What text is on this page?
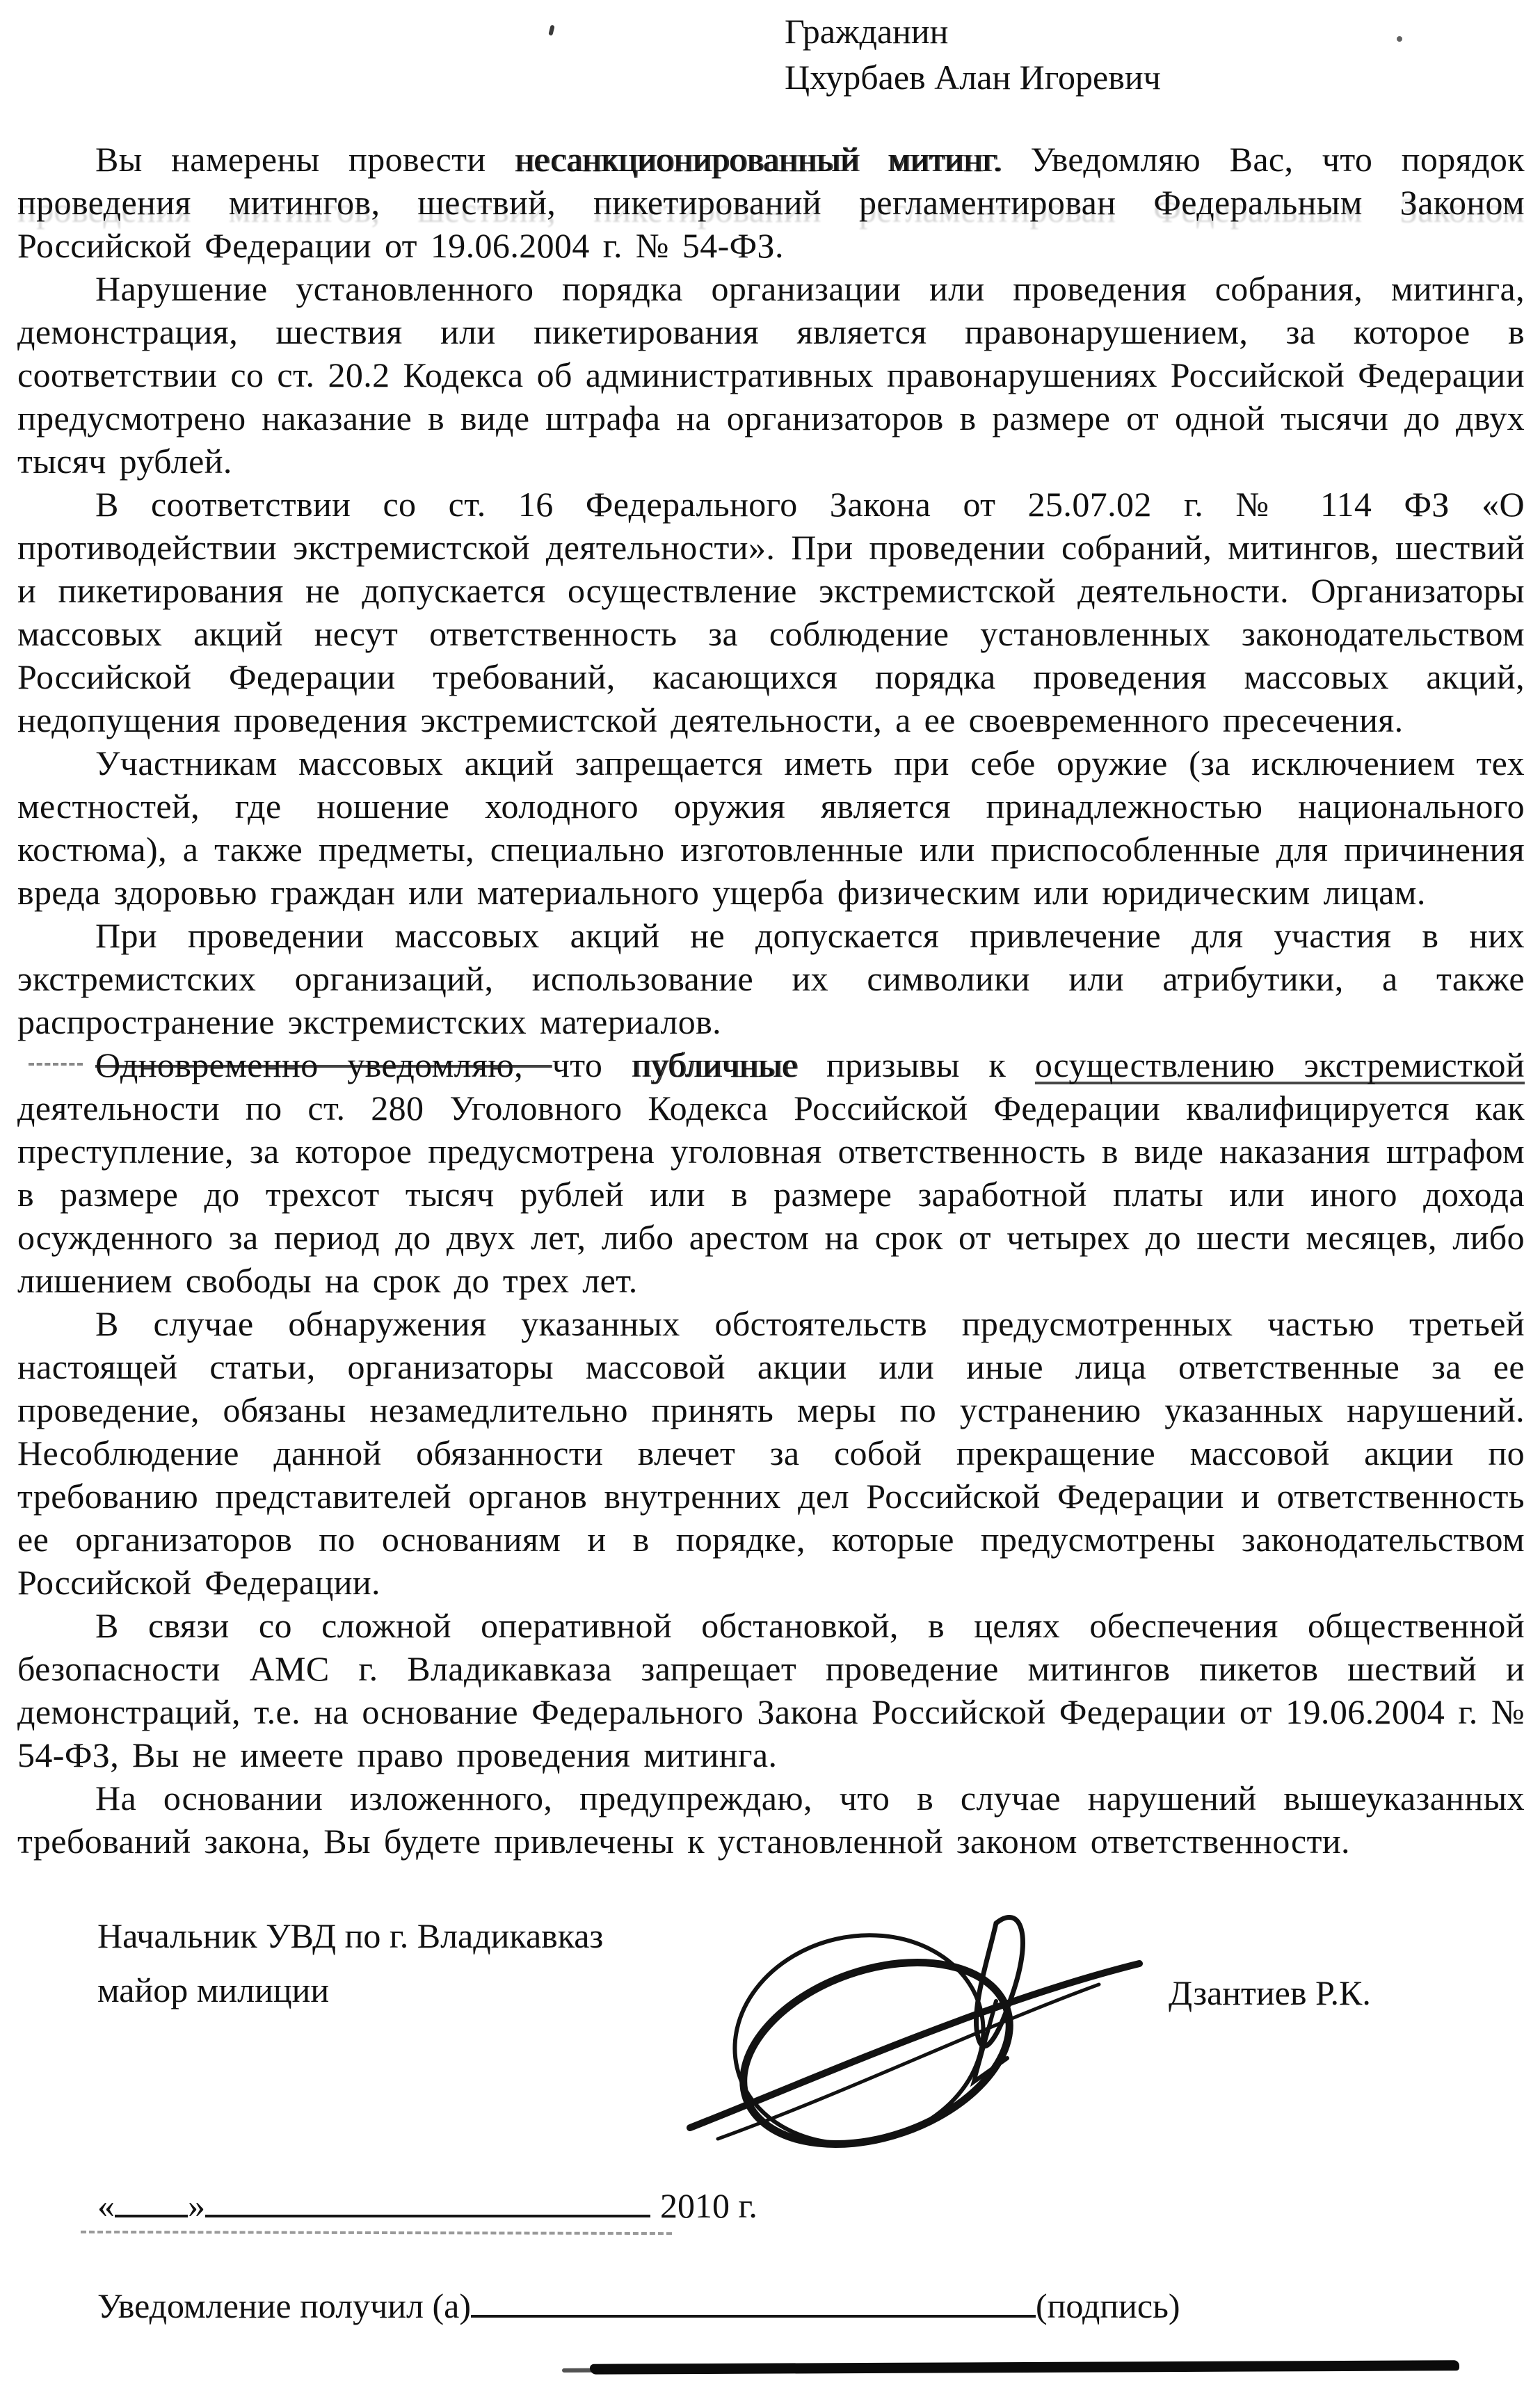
Гражданин
Цхурбаев Алан Игоревич

Вы намерены провести несанкционированный митинг. Уведомляю Вас, что порядок проведения митингов, шествий, пикетирований регламентирован Федеральным Законом Российской Федерации от 19.06.2004 г. № 54-ФЗ.

Нарушение установленного порядка организации или проведения собрания, митинга, демонстрация, шествия или пикетирования является правонарушением, за которое в соответствии со ст. 20.2 Кодекса об административных правонарушениях Российской Федерации предусмотрено наказание в виде штрафа на организаторов в размере от одной тысячи до двух тысяч рублей.

В соответствии со ст. 16 Федерального Закона от 25.07.02 г. № 114 ФЗ «О противодействии экстремистской деятельности». При проведении собраний, митингов, шествий и пикетирования не допускается осуществление экстремистской деятельности. Организаторы массовых акций несут ответственность за соблюдение установленных законодательством Российской Федерации требований, касающихся порядка проведения массовых акций, недопущения проведения экстремистской деятельности, а ее своевременного пресечения.

Участникам массовых акций запрещается иметь при себе оружие (за исключением тех местностей, где ношение холодного оружия является принадлежностью национального костюма), а также предметы, специально изготовленные или приспособленные для причинения вреда здоровью граждан или материального ущерба физическим или юридическим лицам.

При проведении массовых акций не допускается привлечение для участия в них экстремистских организаций, использование их символики или атрибутики, а также распространение экстремистских материалов.

Одновременно уведомляю, что публичные призывы к осуществлению экстремисткой деятельности по ст. 280 Уголовного Кодекса Российской Федерации квалифицируется как преступление, за которое предусмотрена уголовная ответственность в виде наказания штрафом в размере до трехсот тысяч рублей или в размере заработной платы или иного дохода осужденного за период до двух лет, либо арестом на срок от четырех до шести месяцев, либо лишением свободы на срок до трех лет.

В случае обнаружения указанных обстоятельств предусмотренных частью третьей настоящей статьи, организаторы массовой акции или иные лица ответственные за ее проведение, обязаны незамедлительно принять меры по устранению указанных нарушений. Несоблюдение данной обязанности влечет за собой прекращение массовой акции по требованию представителей органов внутренних дел Российской Федерации и ответственность ее организаторов по основаниям и в порядке, которые предусмотрены законодательством Российской Федерации.

В связи со сложной оперативной обстановкой, в целях обеспечения общественной безопасности АМС г. Владикавказа запрещает проведение митингов пикетов шествий и демонстраций, т.е. на основание Федерального Закона Российской Федерации от 19.06.2004 г. № 54-ФЗ, Вы не имеете право проведения митинга.

На основании изложенного, предупреждаю, что в случае нарушений вышеуказанных требований закона, Вы будете привлечены к установленной законом ответственности.

Начальник УВД по г. Владикавказ
майор милиции	Дзантиев Р.К.
« »	2010 г.
Уведомление получил (а)	(подпись)
